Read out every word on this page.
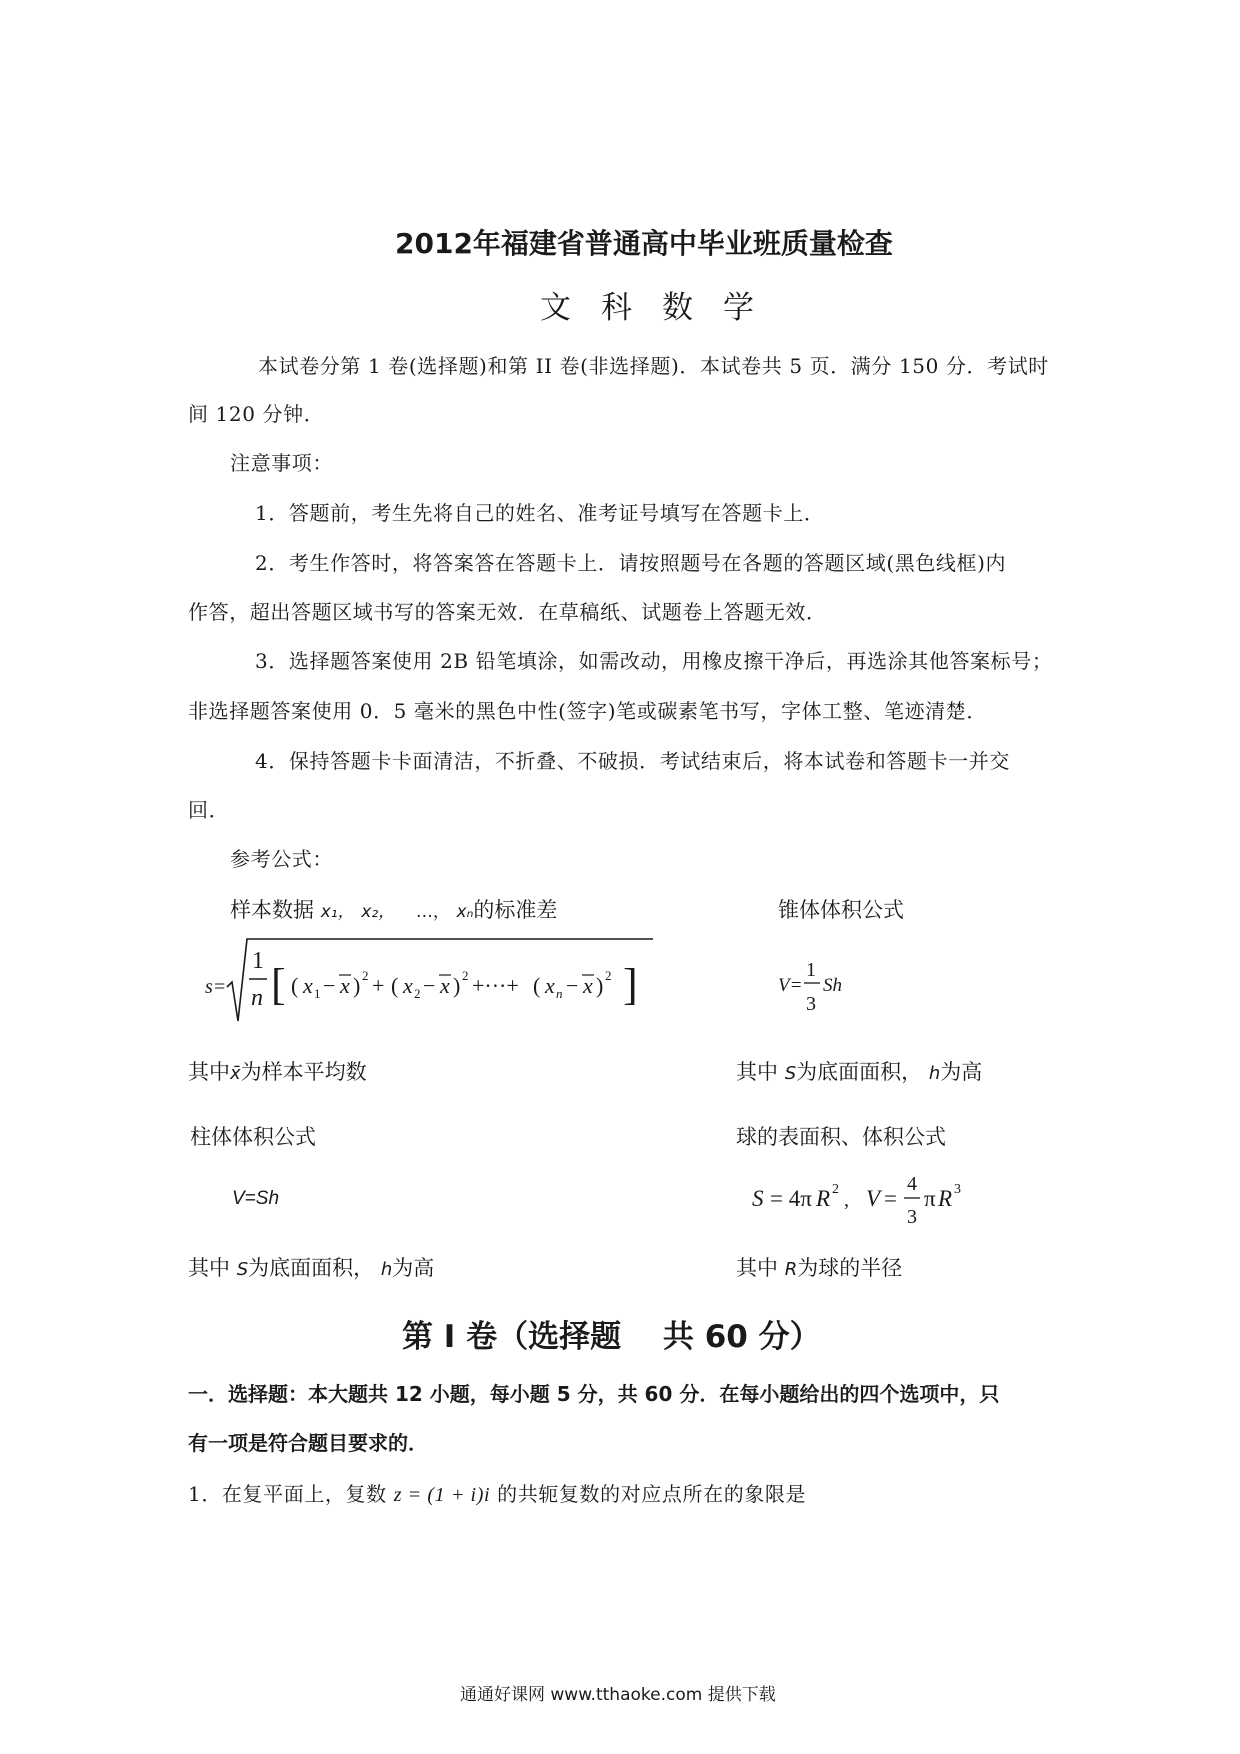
2012年福建省普通高中毕业班质量检查
文科数学
本试卷分第 1 卷(选择题)和第 II 卷(非选择题)．本试卷共 5 页．满分 150 分．考试时
间 120 分钟．
注意事项：
1．答题前，考生先将自己的姓名、准考证号填写在答题卡上．
2．考生作答时，将答案答在答题卡上．请按照题号在各题的答题区域(黑色线框)内
作答，超出答题区域书写的答案无效．在草稿纸、试题卷上答题无效．
3．选择题答案使用 2B 铅笔填涂，如需改动，用橡皮擦干净后，再选涂其他答案标号；
非选择题答案使用 0．5 毫米的黑色中性(签字)笔或碳素笔书写，字体工整、笔迹清楚．
4．保持答题卡卡面清洁，不折叠、不破损．考试结束后，将本试卷和答题卡一并交
回．
参考公式：
样本数据 x₁， x₂， …， xₙ的标准差	锥体体积公式
s=
1
n [ ( x 1 − x ) 2 + ( x 2 − x ) 2 +···+ ( x n − x ) 2 ]	V=
1
3
Sh
其中x̄为样本平均数	其中 S为底面面积， h为高
柱体体积公式	球的表面积、体积公式
V=Sh	S = 4π R 2 , V =
4
3
π R 3
其中 S为底面面积， h为高	其中 R为球的半径
第 I 卷（选择题　 共 60 分）
一．选择题：本大题共 12 小题，每小题 5 分，共 60 分．在每小题给出的四个选项中，只
有一项是符合题目要求的．
1．在复平面上，复数 z = (1 + i)i 的共轭复数的对应点所在的象限是
通通好课网 www.tthaoke.com 提供下载
